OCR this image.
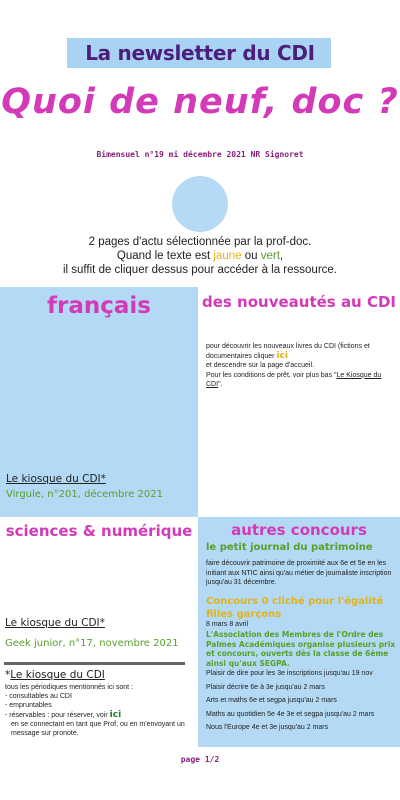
La newsletter du CDI
Quoi de neuf, doc ?
Bimensuel n°19 mi décembre 2021 NR Signoret
2 pages d'actu sélectionnée par la prof-doc.
Quand le texte est jaune ou vert,
il suffit de cliquer dessus pour accéder à la ressource.
français
Le kiosque du CDI*
Virgule, n°201, décembre 2021
des nouveautés au CDI
pour découvrir les nouveaux livres du CDI (fictions et documentaires cliquer ici
et descendre sur la page d'accueil.
Pour les conditions de prêt, voir plus bas "Le Kiosque du CDI".
sciences & numérique
Le kiosque du CDI*
Geek junior, n°17, novembre 2021
*Le kiosque du CDI
tous les périodiques mentionnés ici sont :
- consultables au CDI
- empruntables
- réservables : pour réserver, voir ici
en se connectant en tant que Prof, ou en m'envoyant un message sur pronote.
autres concours
le petit journal du patrimoine
faire découvrir patrimoine de proximité aux 6e et 5e en les initiant aux NTIC ainsi qu'au métier de journaliste inscription jusqu'au 31 décembre.
Concours 0 cliché pour l'égalité filles garçons
8 mars 8 avril
L'Association des Membres de l'Ordre des Palmes Académiques organise plusieurs prix et concours, ouverts dès la classe de 6ème ainsi qu'aux SEGPA.
Plaisir de dire pour les 3e inscriptions jusqu'au 19 nov
Plaisir décrire 6e à 3e jusqu'au 2 mars
Arts et maths 6e et segpa jusqu'au 2 mars
Maths au quotidien 5e 4e 3e et segpa jusqu'au 2 mars
Nous l'Europe 4e et 3e jusqu'au 2 mars
page 1/2
